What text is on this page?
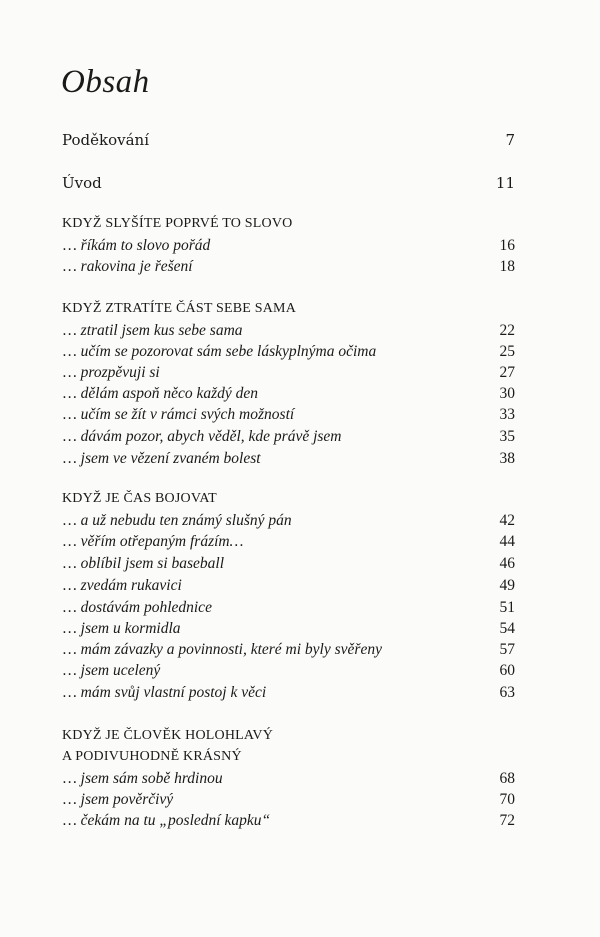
Obsah
Poděkování	7
Úvod	11
KDYŽ SLYŠÍTE POPRVÉ TO SLOVO
… říkám to slovo pořád	16
… rakovina je řešení	18
KDYŽ ZTRATÍTE ČÁST SEBE SAMA
… ztratil jsem kus sebe sama	22
… učím se pozorovat sám sebe láskyplnýma očima	25
… prozpěvuji si	27
… dělám aspoň něco každý den	30
… učím se žít v rámci svých možností	33
… dávám pozor, abych věděl, kde právě jsem	35
… jsem ve vězení zvaném bolest	38
KDYŽ JE ČAS BOJOVAT
… a už nebudu ten známý slušný pán	42
… věřím otřepaným frázím…	44
… oblíbil jsem si baseball	46
… zvedám rukavici	49
… dostávám pohlednice	51
… jsem u kormidla	54
… mám závazky a povinnosti, které mi byly svěřeny	57
… jsem ucelený	60
… mám svůj vlastní postoj k věci	63
KDYŽ JE ČLOVĚK HOLOHLAVÝ
A PODIVUHODNĚ KRÁSNÝ
… jsem sám sobě hrdinou	68
… jsem pověrčivý	70
… čekám na tu „poslední kapku“	72
